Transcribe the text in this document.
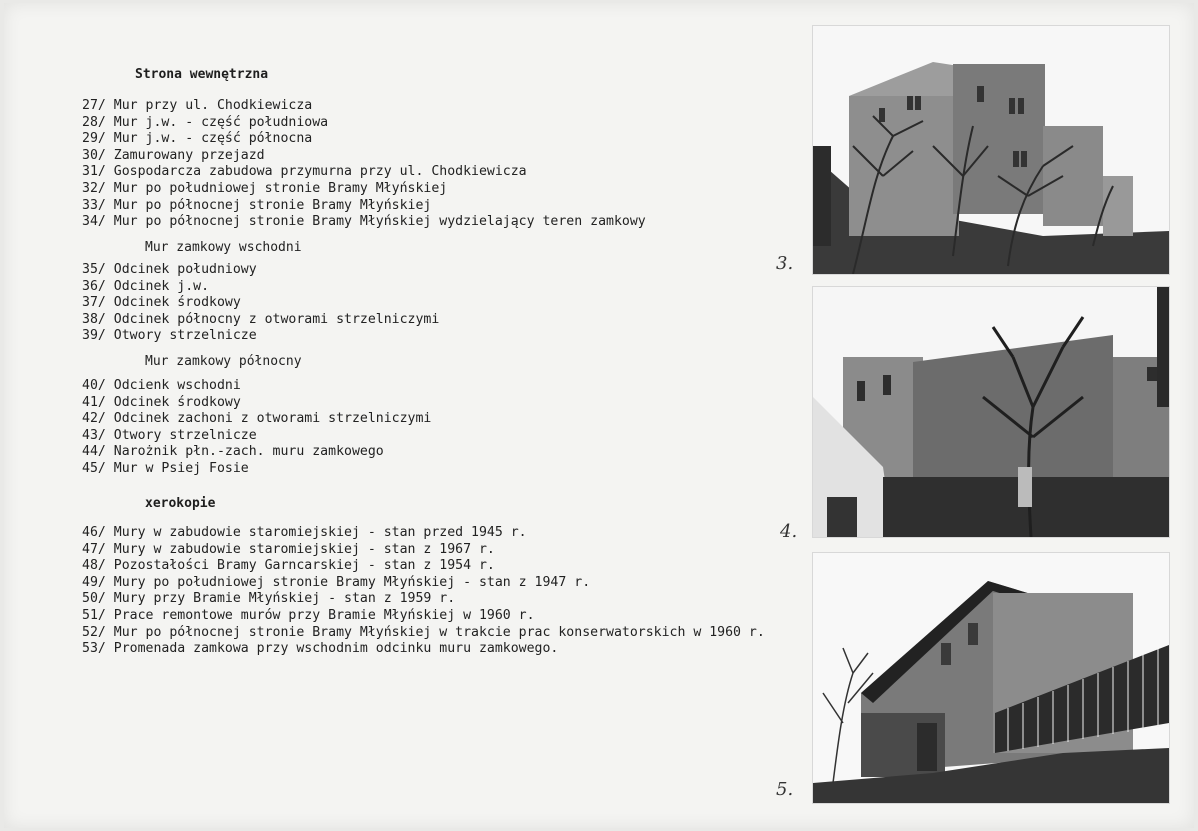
Strona wewnętrzna
27/ Mur przy ul. Chodkiewicza
28/ Mur j.w. - część południowa
29/ Mur j.w. - część północna
30/ Zamurowany przejazd
31/ Gospodarcza zabudowa przymurna przy ul. Chodkiewicza
32/ Mur po południowej stronie Bramy Młyńskiej
33/ Mur po północnej stronie Bramy Młyńskiej
34/ Mur po północnej stronie Bramy Młyńskiej wydzielający teren zamkowy
Mur zamkowy wschodni
35/ Odcinek południowy
36/ Odcinek j.w.
37/ Odcinek środkowy
38/ Odcinek północny z otworami strzelniczymi
39/ Otwory strzelnicze
Mur zamkowy północny
40/ Odcienk wschodni
41/ Odcinek środkowy
42/ Odcinek zachoni z otworami strzelniczymi
43/ Otwory strzelnicze
44/ Narożnik płn.-zach. muru zamkowego
45/ Mur w Psiej Fosie
xerokopie
46/ Mury w zabudowie staromiejskiej - stan przed 1945 r.
47/ Mury w zabudowie staromiejskiej - stan z 1967 r.
48/ Pozostałości Bramy Garncarskiej - stan z 1954 r.
49/ Mury po południowej stronie Bramy Młyńskiej - stan z 1947 r.
50/ Mury przy Bramie Młyńskiej - stan z 1959 r.
51/ Prace remontowe murów przy Bramie Młyńskiej w 1960 r.
52/ Mur po północnej stronie Bramy Młyńskiej w trakcie prac konserwatorskich w 1960 r.
53/ Promenada zamkowa przy wschodnim odcinku muru zamkowego.
3.
4.
5.
